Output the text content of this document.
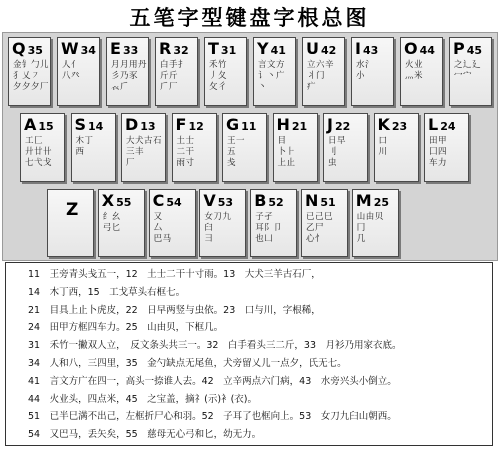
五笔字型键盘字根总图
Q 35
金钅勹儿
犭乂㇇
夕夕夕厂
W 34
人亻
八癶
E 33
月月用丹
彡乃豕
𧘇𠂆
R 32
白手扌
斤斤
𠂆厂
T 31
禾竹
丿夂
攵彳
Y 41
言文方
讠丶广
丶
U 42
立六辛
丬门
疒
I 43
水氵
小
O 44
火业
灬米
P 45
之辶廴
冖宀
A 15
工匚
廾廿卄
七弋戈
S 14
木丁
西
D 13
大犬古石
三丰
厂
F 12
土士
二干
雨寸
G 11
王一
五
戋
H 21
目
卜⺊
上止
J 22
日早
刂
虫
K 23
口
川
L 24
田甲
囗四
车力
Z X 55
纟幺
弓匕
C 54
又
厶
巴马
V 53
女刀九
臼
彐
B 52
子孑
耳阝卩
也凵
N 51
已己巳
乙尸
心忄
M 25
山由贝
冂
几
11　王旁青头戋五一，12　土士二干十寸雨。13　大犬三羊古石厂，
14　木丁西，15　工戈草头右框七。
21　目具上止卜虎皮，22　日早两竖与虫依。23　口与川，字根稀，
24　田甲方框四车力。25　山由贝，下框几。
31　禾竹一撇双人立，　反文条头共三一。32　白手看头三二斤，33　月衫乃用家衣底。
34　人和八，三四里，35　金勺缺点无尾鱼，犬旁留乂儿一点夕，氏无七。
41　言文方广在四一，高头一捺谁人去。42　立辛两点六门病，43　水旁兴头小倒立。
44　火业头，四点米，45　之宝盖，摘礻(示)衤(衣)。
51　已半巳满不出己，左框折尸心和羽。52　子耳了也框向上。53　女刀九臼山朝西。
54　又巴马，丢矢矣，55　慈母无心弓和匕，幼无力。
